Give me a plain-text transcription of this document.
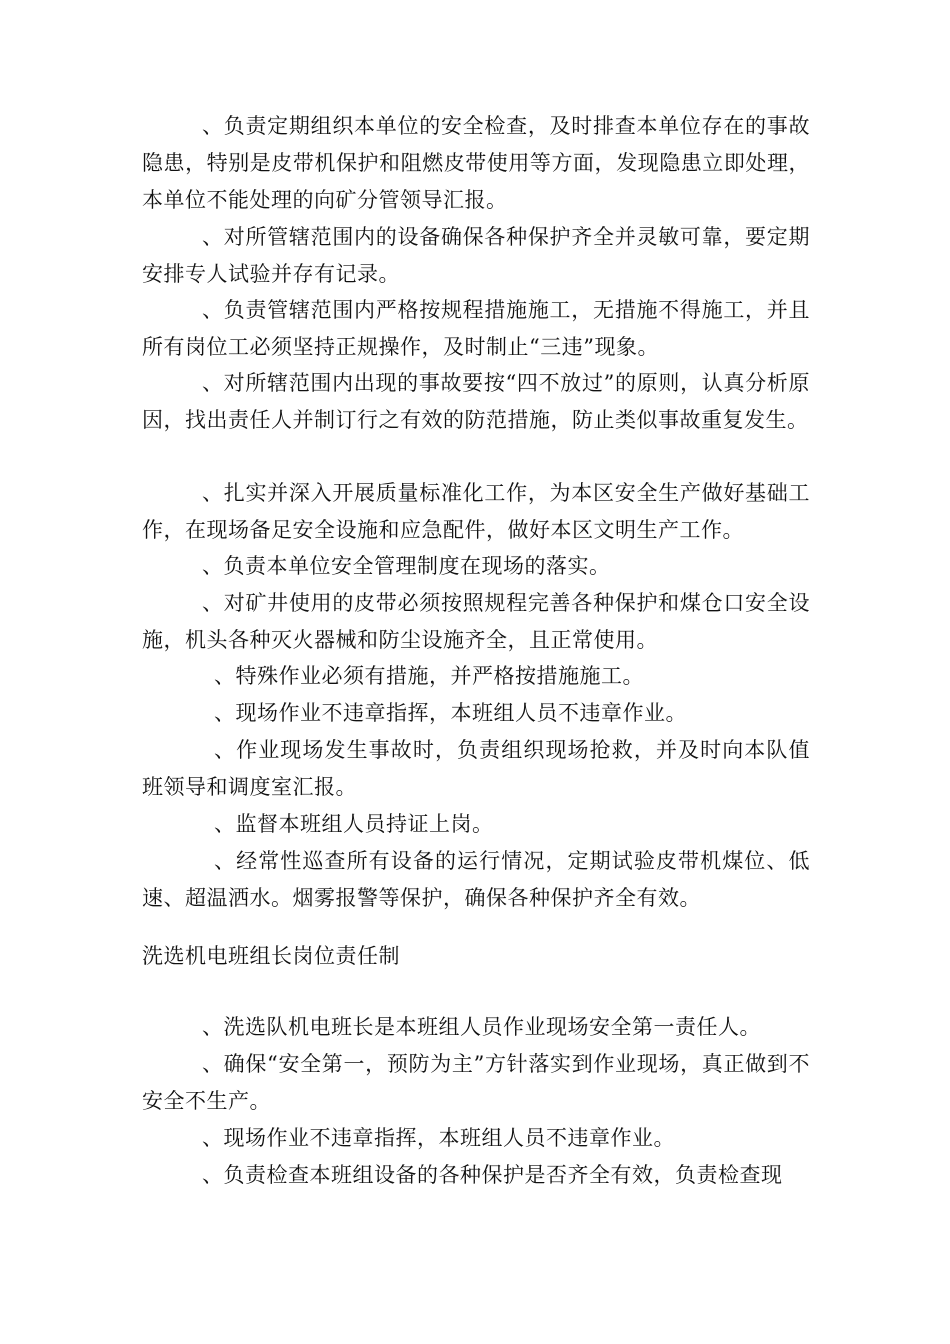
、负责定期组织本单位的安全检查，及时排查本单位存在的事故隐患，特别是皮带机保护和阻燃皮带使用等方面，发现隐患立即处理，本单位不能处理的向矿分管领导汇报。

、对所管辖范围内的设备确保各种保护齐全并灵敏可靠，要定期安排专人试验并存有记录。

、负责管辖范围内严格按规程措施施工，无措施不得施工，并且所有岗位工必须坚持正规操作，及时制止“三违”现象。

、对所辖范围内出现的事故要按“四不放过”的原则，认真分析原因，找出责任人并制订行之有效的防范措施，防止类似事故重复发生。

、扎实并深入开展质量标准化工作，为本区安全生产做好基础工作，在现场备足安全设施和应急配件，做好本区文明生产工作。

、负责本单位安全管理制度在现场的落实。

、对矿井使用的皮带必须按照规程完善各种保护和煤仓口安全设施，机头各种灭火器械和防尘设施齐全，且正常使用。

、特殊作业必须有措施，并严格按措施施工。

、现场作业不违章指挥，本班组人员不违章作业。

、作业现场发生事故时，负责组织现场抢救，并及时向本队值班领导和调度室汇报。

、监督本班组人员持证上岗。

、经常性巡查所有设备的运行情况，定期试验皮带机煤位、低速、超温洒水。烟雾报警等保护，确保各种保护齐全有效。

洗选机电班组长岗位责任制

、洗选队机电班长是本班组人员作业现场安全第一责任人。

、确保“安全第一，预防为主”方针落实到作业现场，真正做到不安全不生产。

、现场作业不违章指挥，本班组人员不违章作业。

、负责检查本班组设备的各种保护是否齐全有效，负责检查现
